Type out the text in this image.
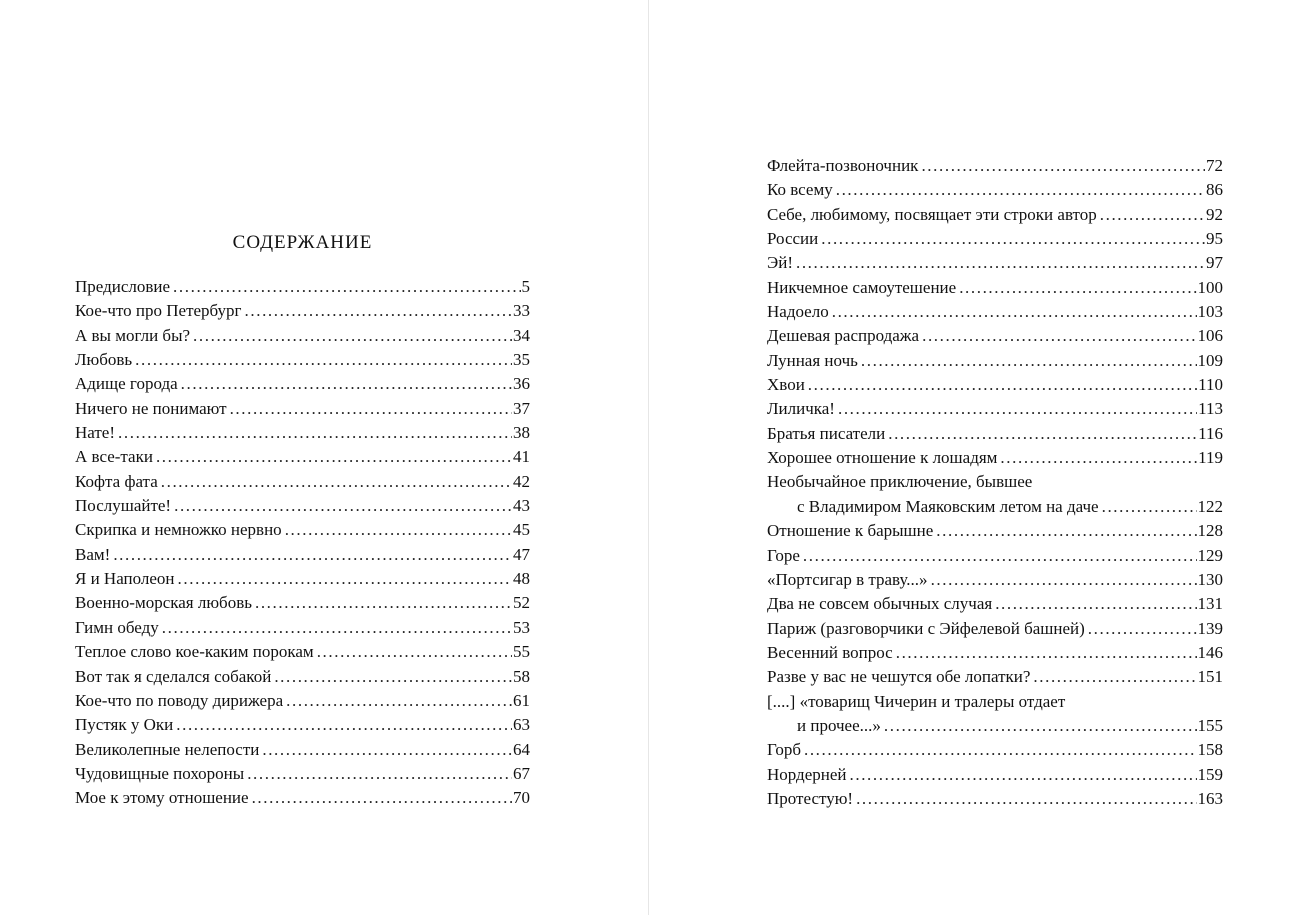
СОДЕРЖАНИЕ
Предисловие .....	5
Кое-что про Петербург .....	33
А вы могли бы? .....	34
Любовь .....	35
Адище города .....	36
Ничего не понимают .....	37
Нате! .....	38
А все-таки .....	41
Кофта фата .....	42
Послушайте! .....	43
Скрипка и немножко нервно .....	45
Вам! .....	47
Я и Наполеон .....	48
Военно-морская любовь .....	52
Гимн обеду .....	53
Теплое слово кое-каким порокам .....	55
Вот так я сделался собакой .....	58
Кое-что по поводу дирижера .....	61
Пустяк у Оки .....	63
Великолепные нелепости .....	64
Чудовищные похороны .....	67
Мое к этому отношение .....	70
Флейта-позвоночник .....	72
Ко всему .....	86
Себе, любимому, посвящает эти строки автор .....	92
России .....	95
Эй! .....	97
Никчемное самоутешение .....	100
Надоело .....	103
Дешевая распродажа .....	106
Лунная ночь .....	109
Хвои .....	110
Лиличка! .....	113
Братья писатели .....	116
Хорошее отношение к лошадям .....	119
Необычайное приключение, бывшее
с Владимиром Маяковским летом на даче .....	122
Отношение к барышне .....	128
Горе .....	129
«Портсигар в траву...» .....	130
Два не совсем обычных случая .....	131
Париж (разговорчики с Эйфелевой башней) .....	139
Весенний вопрос .....	146
Разве у вас не чешутся обе лопатки? .....	151
[....] «товарищ Чичерин и тралеры отдает
и прочее...» .....	155
Горб .....	158
Нордерней .....	159
Протестую! .....	163
